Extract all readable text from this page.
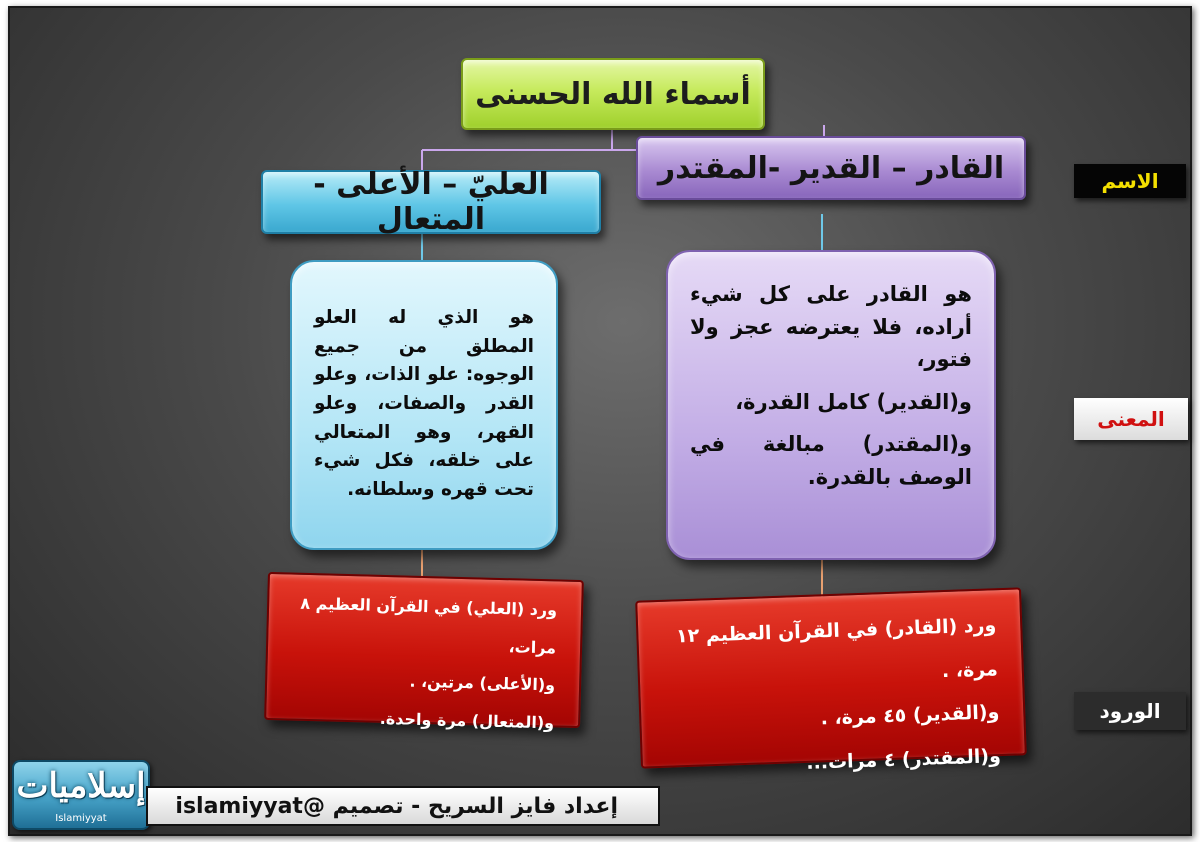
أسماء الله الحسنى
القادر – القدير -المقتدر
العليّ – الأعلى - المتعال

هو القادر على كل شيء أراده، فلا يعترضه عجز ولا فتور،

و(القدير) كامل القدرة،

و(المقتدر) مبالغة في الوصف بالقدرة.

هو الذي له العلو المطلق من جميع الوجوه: علو الذات، وعلو القدر والصفات، وعلو القهر، وهو المتعالي على خلقه، فكل شيء تحت قهره وسلطانه.

ورد (القادر) في القرآن العظيم ١٢ مرة، .

و(القدير) ٤٥ مرة، .

و(المقتدر) ٤ مرات...

ورد (العلي) في القرآن العظيم ٨ مرات،

و(الأعلى) مرتين، .

و(المتعال) مرة واحدة.

الاسم
المعنى
الورود
إسلاميات
Islamiyyat	إعداد فايز السريح - تصميم @islamiyyat
